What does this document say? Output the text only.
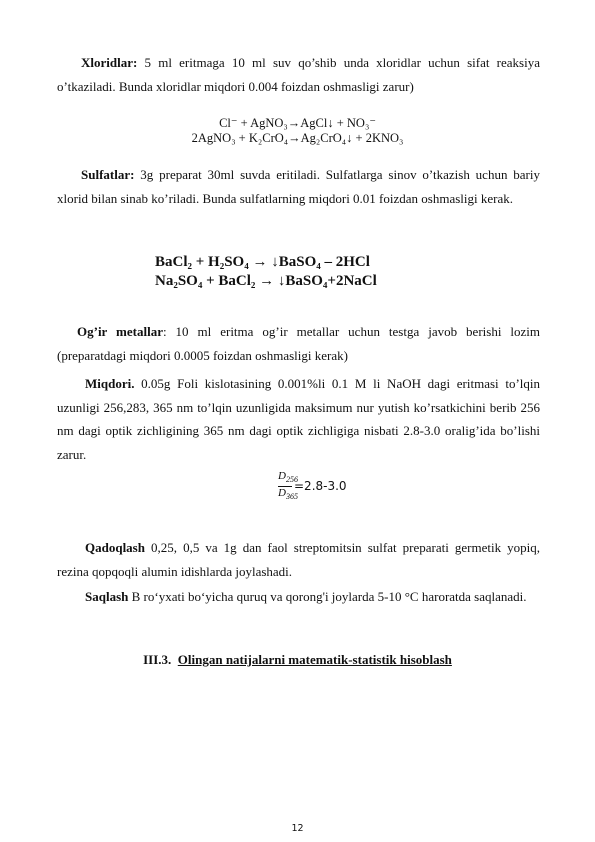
Xloridlar: 5 ml eritmaga 10 ml suv qo’shib unda xloridlar uchun sifat reaksiya o’tkaziladi. Bunda xloridlar miqdori 0.004 foizdan oshmasligi zarur)
Cl⁻ + AgNO₃→AgCl↓ + NO₃⁻
2AgNO₃ + K₂CrO₄→Ag₂CrO₄↓ + 2KNO₃
Sulfatlar: 3g preparat 30ml suvda eritiladi. Sulfatlarga sinov o’tkazish uchun bariy xlorid bilan sinab ko’riladi. Bunda sulfatlarning miqdori 0.01 foizdan oshmasligi kerak.
BaCl₂ + H₂SO₄ → ↓BaSO₄ – 2HCl
Na₂SO₄ + BaCl₂ → ↓BaSO₄+2NaCl
Og’ir metallar: 10 ml eritma og’ir metallar uchun testga javob berishi lozim (preparatdagi miqdori 0.0005 foizdan oshmasligi kerak)
Miqdori. 0.05g Foli kislotasining 0.001%li 0.1 M li NaOH dagi eritmasi to’lqin uzunligi 256,283, 365 nm to’lqin uzunligida maksimum nur yutish ko’rsatkichini berib 256 nm dagi optik zichligining 365 nm dagi optik zichligiga nisbati 2.8-3.0 oralig’ida bo’lishi zarur.
$D_{256}$
$D_{365}$
=2.8-3.0
Qadoqlash 0,25, 0,5 va 1g dan faol streptomitsin sulfat preparati germetik yopiq, rezina qopqoqli alumin idishlarda joylashadi.
Saqlash B ro‘yxati bo‘yicha quruq va qorong'i joylarda 5-10 °C haroratda saqlanadi.
III.3. Olingan natijalarni matematik-statistik hisoblash
12
